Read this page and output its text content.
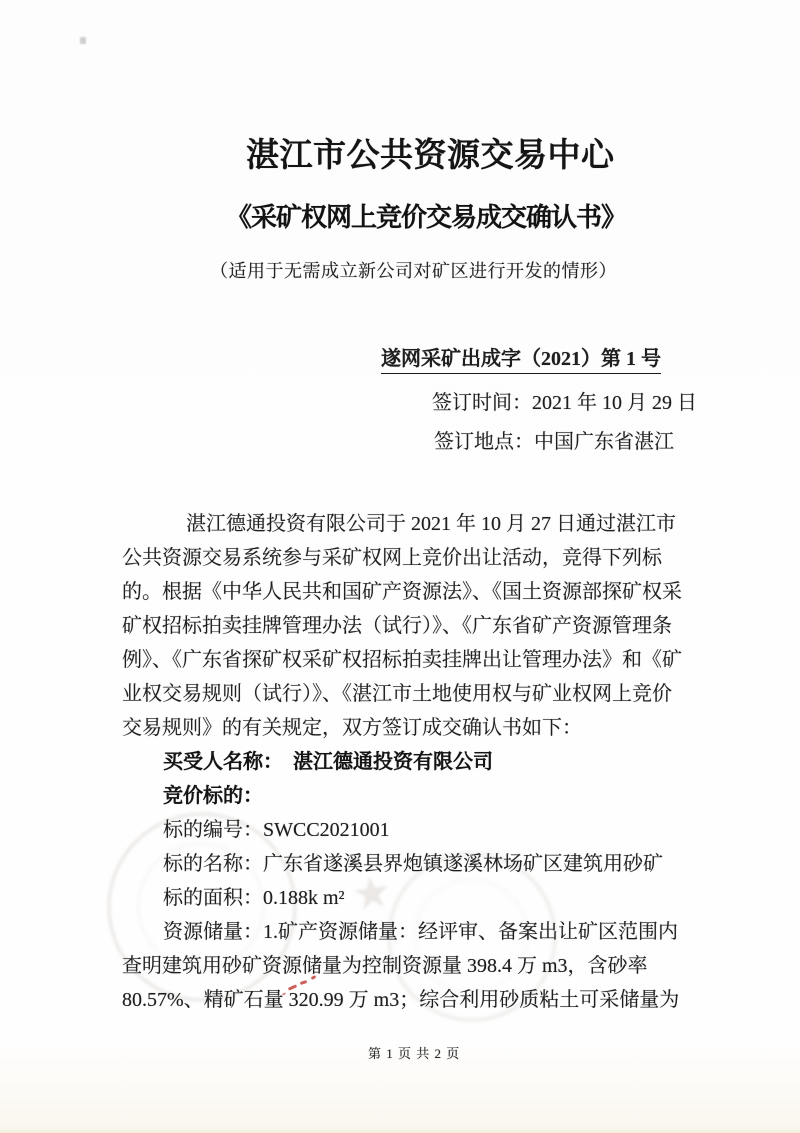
★
湛江市公共资源交易中心
《采矿权网上竞价交易成交确认书》
（适用于无需成立新公司对矿区进行开发的情形）
遂网采矿出成字（2021）第 1 号
签订时间：2021 年 10 月 29 日
签订地点：中国广东省湛江
湛江德通投资有限公司于 2021 年 10 月 27 日通过湛江市
公共资源交易系统参与采矿权网上竞价出让活动，竞得下列标
的。根据《中华人民共和国矿产资源法》、《国土资源部探矿权采
矿权招标拍卖挂牌管理办法（试行）》、《广东省矿产资源管理条
例》、《广东省探矿权采矿权招标拍卖挂牌出让管理办法》和《矿
业权交易规则（试行）》、《湛江市土地使用权与矿业权网上竞价
交易规则》的有关规定，双方签订成交确认书如下：
买受人名称：　湛江德通投资有限公司
竞价标的：
标的编号：SWCC2021001
标的名称：广东省遂溪县界炮镇遂溪林场矿区建筑用砂矿
标的面积：0.188k m²
资源储量：1.矿产资源储量：经评审、备案出让矿区范围内
查明建筑用砂矿资源储量为控制资源量 398.4 万 m3，含砂率
80.57%、精矿石量 320.99 万 m3；综合利用砂质粘土可采储量为
第 1 页 共 2 页
